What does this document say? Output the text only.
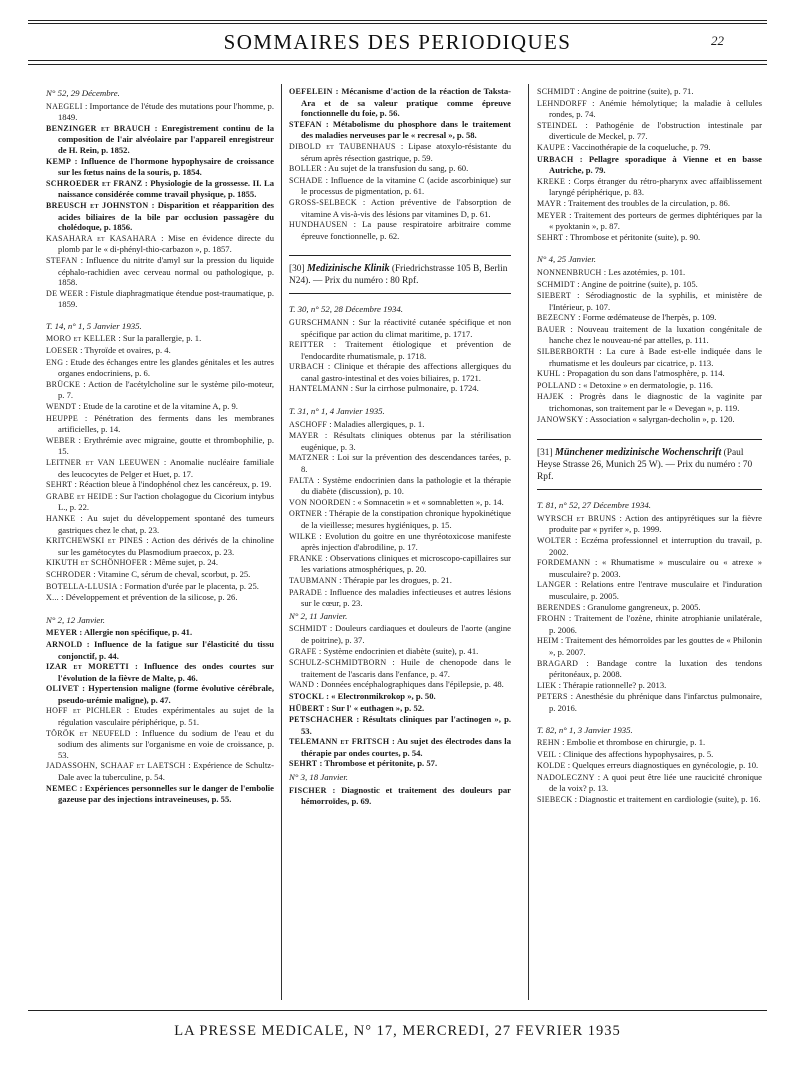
SOMMAIRES DES PERIODIQUES	22
N° 52, 29 Décembre.
NAEGELI : Importance de l'étude des mutations pour l'homme, p. 1849.
BENZINGER et BRAUCH : Enregistrement continu de la composition de l'air alvéolaire par l'appareil enregistreur de H. Rein, p. 1852.
KEMP : Influence de l'hormone hypophysaire de croissance sur les fœtus nains de la souris, p. 1854.
SCHROEDER et FRANZ : Physiologie de la grossesse. II. La naissance considérée comme travail physique, p. 1855.
BREUSCH et JOHNSTON : Disparition et réapparition des acides biliaires de la bile par occlusion passagère du cholédoque, p. 1856.
KASAHARA et KASAHARA : Mise en évidence directe du plomb par le « di-phényl-thio-carbazon », p. 1857.
STEFAN : Influence du nitrite d'amyl sur la pression du liquide céphalo-rachidien avec cerveau normal ou pathologique, p. 1858.
DE WEER : Fistule diaphragmatique étendue post-traumatique, p. 1859.
T. 14, n° 1, 5 Janvier 1935.
MORO et KELLER : Sur la parallergie, p. 1.
LOESER : Thyroïde et ovaires, p. 4.
ENG : Etude des échanges entre les glandes génitales et les autres organes endocriniens, p. 6.
BRÜCKE : Action de l'acétylcholine sur le système pilo-moteur, p. 7.
WENDT : Etude de la carotine et de la vitamine A, p. 9.
HEUPPE : Pénétration des ferments dans les membranes artificielles, p. 14.
WEBER : Erythrémie avec migraine, goutte et thrombophilie, p. 15.
LEITNER et VAN LEEUWEN : Anomalie nucléaire familiale des leucocytes de Pelger et Huet, p. 17.
SEHRT : Réaction bleue à l'indophénol chez les cancéreux, p. 19.
GRABE et HEIDE : Sur l'action cholagogue du Cicorium intybus L., p. 22.
HANKE : Au sujet du développement spontané des tumeurs gastriques chez le chat, p. 23.
KRITCHEWSKI et PINES : Action des dérivés de la chinoline sur les gamétocytes du Plasmodium praecox, p. 23.
KIKUTH et SCHÖNHOFER : Même sujet, p. 24.
SCHRODER : Vitamine C, sérum de cheval, scorbut, p. 25.
BOTELLA-LLUSIA : Formation d'urée par le placenta, p. 25.
X... : Développement et prévention de la silicose, p. 26.
N° 2, 12 Janvier.
MEYER : Allergie non spécifique, p. 41.
ARNOLD : Influence de la fatigue sur l'élasticité du tissu conjonctif, p. 44.
IZAR et MORETTI : Influence des ondes courtes sur l'évolution de la fièvre de Malte, p. 46.
OLIVET : Hypertension maligne (forme évolutive cérébrale, pseudo-urémie maligne), p. 47.
HOFF et PICHLER : Etudes expérimentales au sujet de la régulation vasculaire périphérique, p. 51.
TÖRÖK et NEUFELD : Influence du sodium de l'eau et du sodium des aliments sur l'organisme en voie de croissance, p. 53.
JADASSOHN, SCHAAF et LAETSCH : Expérience de Schultz-Dale avec la tuberculine, p. 54.
NEMEC : Expériences personnelles sur le danger de l'embolie gazeuse par des injections intraveineuses, p. 55.
OEFELEIN : Mécanisme d'action de la réaction de Taksta-Ara et de sa valeur pratique comme épreuve fonctionnelle du foie, p. 56.
STEFAN : Métabolisme du phosphore dans le traitement des maladies nerveuses par le « recresal », p. 58.
DIBOLD et TAUBENHAUS : Lipase atoxylo-résistante du sérum après résection gastrique, p. 59.
BOLLER : Au sujet de la transfusion du sang, p. 60.
SCHADE : Influence de la vitamine C (acide ascorbinique) sur le processus de pigmentation, p. 61.
GROSS-SELBECK : Action préventive de l'absorption de vitamine A vis-à-vis des lésions par vitamines D, p. 61.
HUNDHAUSEN : La pause respiratoire arbitraire comme épreuve fonctionnelle, p. 62.
[30] Medizinische Klinik (Friedrichstrasse 105 B, Berlin N24). — Prix du numéro : 80 Rpf.
T. 30, n° 52, 28 Décembre 1934.
GURSCHMANN : Sur la réactivité cutanée spécifique et non spécifique par action du climat maritime, p. 1717.
REITTER : Traitement étiologique et prévention de l'endocardite rhumatismale, p. 1718.
URBACH : Clinique et thérapie des affections allergiques du canal gastro-intestinal et des voies biliaires, p. 1721.
HANTELMANN : Sur la cirrhose pulmonaire, p. 1724.
T. 31, n° 1, 4 Janvier 1935.
ASCHOFF : Maladies allergiques, p. 1.
MAYER : Résultats cliniques obtenus par la stérilisation eugénique, p. 3.
MATZNER : Loi sur la prévention des descendances tarées, p. 8.
FALTA : Système endocrinien dans la pathologie et la thérapie du diabète (discussion), p. 10.
VON NOORDEN : « Somnacetin » et « somnabletten », p. 14.
ORTNER : Thérapie de la constipation chronique hypokinétique de la vieillesse; mesures hygiéniques, p. 15.
WILKE : Evolution du goitre en une thyréotoxicose manifeste après injection d'abrodiline, p. 17.
FRANKE : Observations cliniques et microscopo-capillaires sur les variations atmosphériques, p. 20.
TAUBMANN : Thérapie par les drogues, p. 21.
PARADE : Influence des maladies infectieuses et autres lésions sur le cœur, p. 23.
N° 2, 11 Janvier.
SCHMIDT : Douleurs cardiaques et douleurs de l'aorte (angine de poitrine), p. 37.
GRAFE : Système endocrinien et diabète (suite), p. 41.
SCHULZ-SCHMIDTBORN : Huile de chenopode dans le traitement de l'ascaris dans l'enfance, p. 47.
WAND : Données encéphalographiques dans l'épilepsie, p. 48.
STOCKL : « Electronmikrokop », p. 50.
HÜBERT : Sur l' « euthagen », p. 52.
PETSCHACHER : Résultats cliniques par l'actinogen », p. 53.
TELEMANN et FRITSCH : Au sujet des électrodes dans la thérapie par ondes courtes, p. 54.
SEHRT : Thrombose et péritonite, p. 57.
N° 3, 18 Janvier.
FISCHER : Diagnostic et traitement des douleurs par hémorroïdes, p. 69.
SCHMIDT : Angine de poitrine (suite), p. 71.
LEHNDORFF : Anémie hémolytique; la maladie à cellules rondes, p. 74.
STEINDEL : Pathogénie de l'obstruction intestinale par diverticule de Meckel, p. 77.
KAUPE : Vaccinothérapie de la coqueluche, p. 79.
URBACH : Pellagre sporadique à Vienne et en basse Autriche, p. 79.
KREKE : Corps étranger du rétro-pharynx avec affaiblissement laryngé périphérique, p. 83.
MAYR : Traitement des troubles de la circulation, p. 86.
MEYER : Traitement des porteurs de germes diphtériques par la « pyoktanin », p. 87.
SEHRT : Thrombose et péritonite (suite), p. 90.
N° 4, 25 Janvier.
NONNENBRUCH : Les azotémies, p. 101.
SCHMIDT : Angine de poitrine (suite), p. 105.
SIEBERT : Sérodiagnostic de la syphilis, et ministère de l'Intérieur, p. 107.
BEZECNY : Forme œdémateuse de l'herpès, p. 109.
BAUER : Nouveau traitement de la luxation congénitale de hanche chez le nouveau-né par attelles, p. 111.
SILBERBORTH : La cure à Bade est-elle indiquée dans le rhumatisme et les douleurs par cicatrice, p. 113.
KUHL : Propagation du son dans l'atmosphère, p. 114.
POLLAND : « Detoxine » en dermatologie, p. 116.
HAJEK : Progrès dans le diagnostic de la vaginite par trichomonas, son traitement par le « Devegan », p. 119.
JANOWSKY : Association « salyrgan-decholin », p. 120.
[31] Münchener medizinische Wochenschrift (Paul Heyse Strasse 26, Munich 25 W). — Prix du numéro : 70 Rpf.
T. 81, n° 52, 27 Décembre 1934.
WYRSCH et BRUNS : Action des antipyrétiques sur la fièvre produite par « pyrifer », p. 1999.
WOLTER : Eczéma professionnel et interruption du travail, p. 2002.
FORDEMANN : « Rhumatisme » musculaire ou « atrexe » musculaire? p. 2003.
LANGER : Relations entre l'entrave musculaire et l'induration musculaire, p. 2005.
BERENDES : Granulome gangreneux, p. 2005.
FROHN : Traitement de l'ozène, rhinite atrophianie unilatérale, p. 2006.
HEIM : Traitement des hémorroïdes par les gouttes de « Philonin », p. 2007.
BRAGARD : Bandage contre la luxation des tendons péritonéaux, p. 2008.
LIEK : Thérapie rationnelle? p. 2013.
PETERS : Anesthésie du phrénique dans l'infarctus pulmonaire, p. 2016.
T. 82, n° 1, 3 Janvier 1935.
REHN : Embolie et thrombose en chirurgie, p. 1.
VEIL : Clinique des affections hypophysaires, p. 5.
KOLDE : Quelques erreurs diagnostiques en gynécologie, p. 10.
NADOLECZNY : A quoi peut être liée une raucicité chronique de la voix? p. 13.
SIEBECK : Diagnostic et traitement en cardiologie (suite), p. 16.
LA PRESSE MEDICALE, N° 17, MERCREDI, 27 FEVRIER 1935
